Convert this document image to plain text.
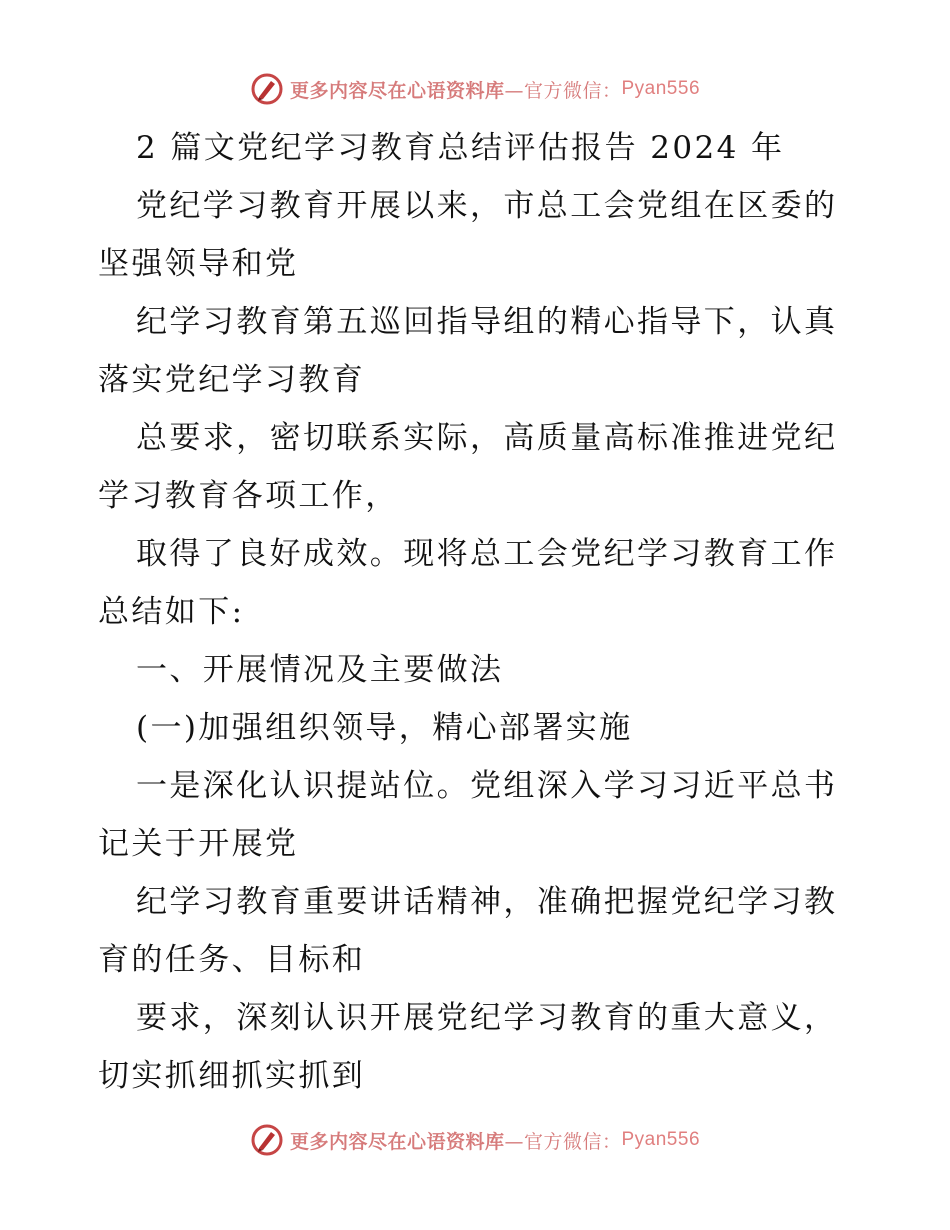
更多内容尽在心语资料库 —官方微信： Pyan556
2 篇文党纪学习教育总结评估报告 2024 年
党纪学习教育开展以来，市总工会党组在区委的
坚强领导和党
纪学习教育第五巡回指导组的精心指导下，认真
落实党纪学习教育
总要求，密切联系实际，高质量高标准推进党纪
学习教育各项工作，
取得了良好成效。现将总工会党纪学习教育工作
总结如下:
一、开展情况及主要做法
(一)加强组织领导，精心部署实施
一是深化认识提站位。党组深入学习习近平总书
记关于开展党
纪学习教育重要讲话精神，准确把握党纪学习教
育的任务、目标和
要求，深刻认识开展党纪学习教育的重大意义，
切实抓细抓实抓到
更多内容尽在心语资料库 —官方微信： Pyan556
